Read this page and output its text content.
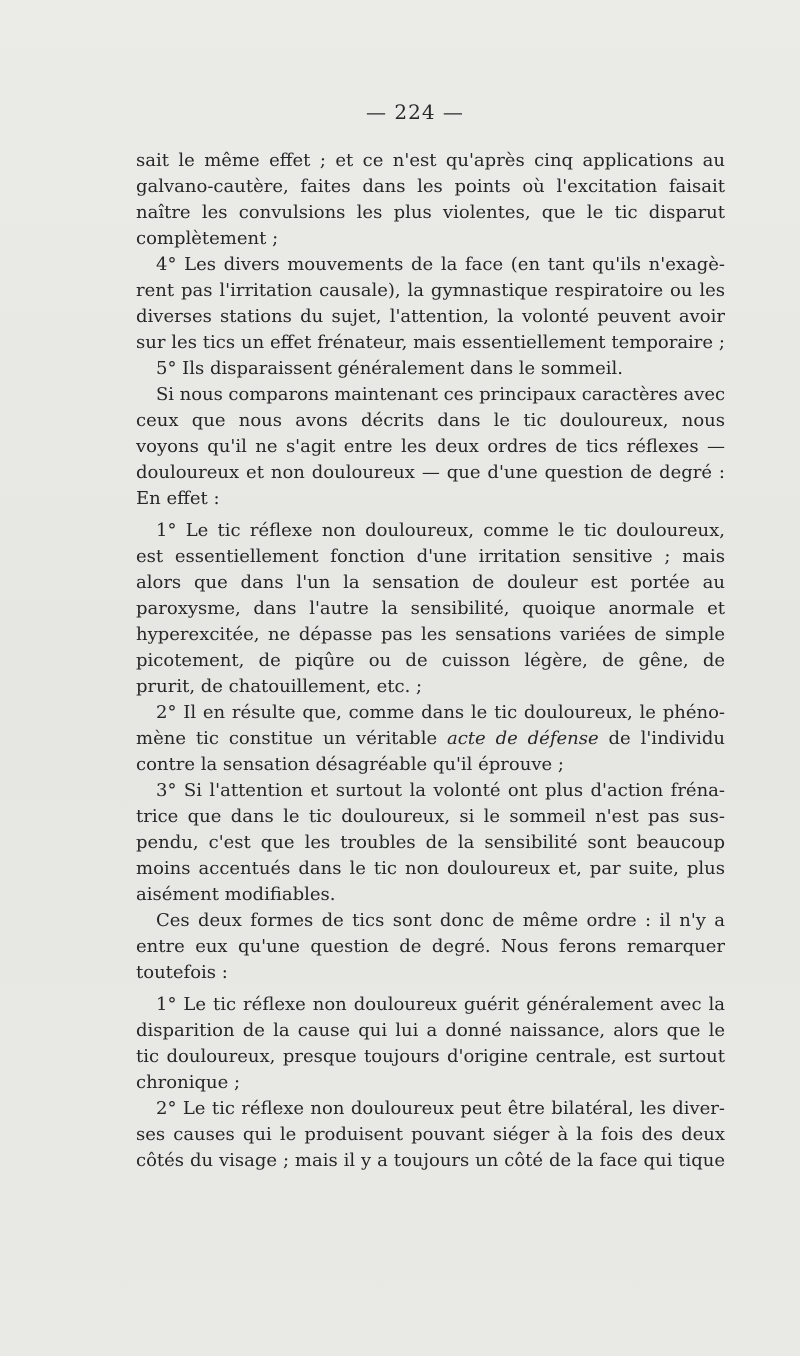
— 224 —
sait le même effet ; et ce n'est qu'après cinq applications au
galvano-cautère, faites dans les points où l'excitation faisait
naître les convulsions les plus violentes, que le tic disparut
complètement ;
4° Les divers mouvements de la face (en tant qu'ils n'exagè-
rent pas l'irritation causale), la gymnastique respiratoire ou les
diverses stations du sujet, l'attention, la volonté peuvent avoir
sur les tics un effet frénateur, mais essentiellement temporaire ;
5° Ils disparaissent généralement dans le sommeil.
Si nous comparons maintenant ces principaux caractères avec
ceux que nous avons décrits dans le tic douloureux, nous
voyons qu'il ne s'agit entre les deux ordres de tics réflexes —
douloureux et non douloureux — que d'une question de degré :
En effet :
1° Le tic réflexe non douloureux, comme le tic douloureux,
est essentiellement fonction d'une irritation sensitive ; mais
alors que dans l'un la sensation de douleur est portée au
paroxysme, dans l'autre la sensibilité, quoique anormale et
hyperexcitée, ne dépasse pas les sensations variées de simple
picotement, de piqûre ou de cuisson légère, de gêne, de
prurit, de chatouillement, etc. ;
2° Il en résulte que, comme dans le tic douloureux, le phéno-
mène tic constitue un véritable acte de défense de l'individu
contre la sensation désagréable qu'il éprouve ;
3° Si l'attention et surtout la volonté ont plus d'action fréna-
trice que dans le tic douloureux, si le sommeil n'est pas sus-
pendu, c'est que les troubles de la sensibilité sont beaucoup
moins accentués dans le tic non douloureux et, par suite, plus
aisément modifiables.
Ces deux formes de tics sont donc de même ordre : il n'y a
entre eux qu'une question de degré. Nous ferons remarquer
toutefois :
1° Le tic réflexe non douloureux guérit généralement avec la
disparition de la cause qui lui a donné naissance, alors que le
tic douloureux, presque toujours d'origine centrale, est surtout
chronique ;
2° Le tic réflexe non douloureux peut être bilatéral, les diver-
ses causes qui le produisent pouvant siéger à la fois des deux
côtés du visage ; mais il y a toujours un côté de la face qui tique
